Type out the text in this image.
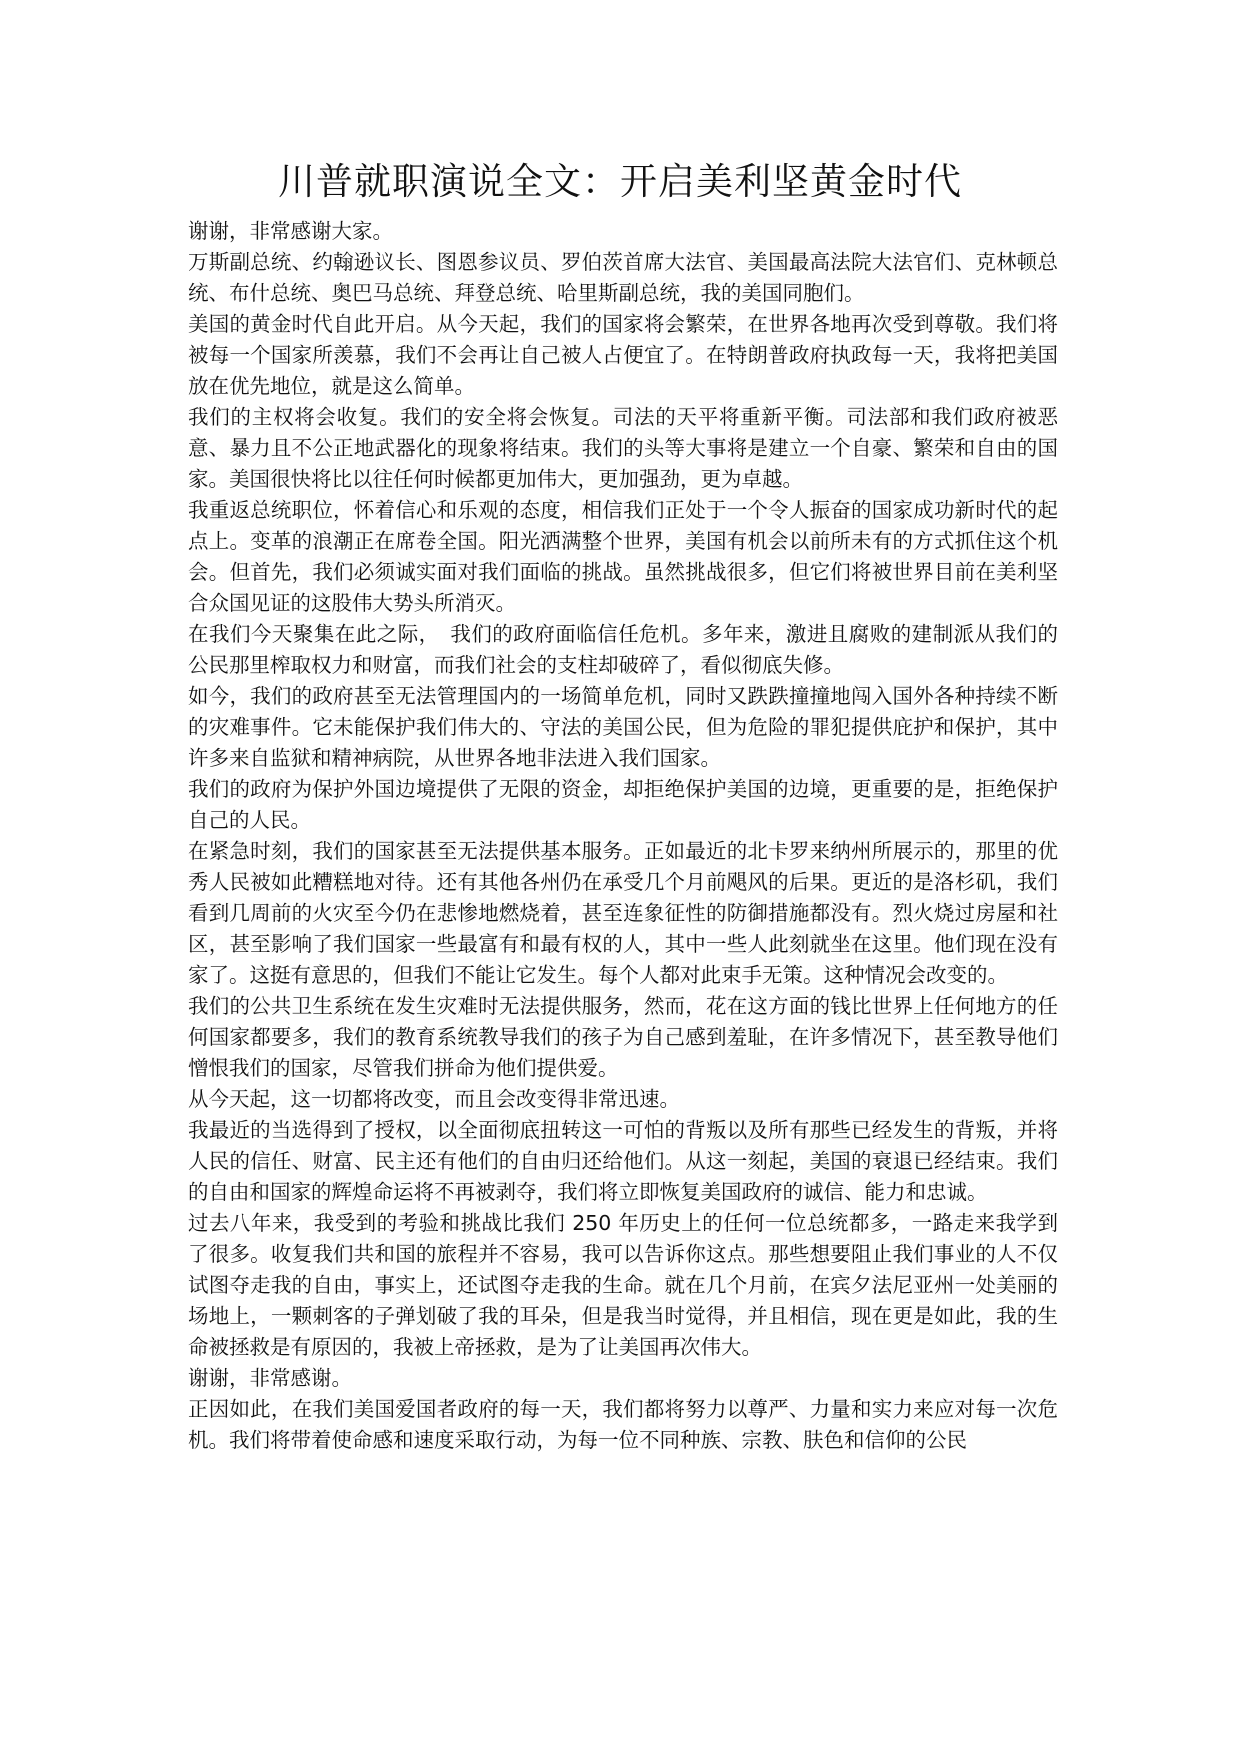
川普就职演说全文：开启美利坚黄金时代

谢谢，非常感谢大家。

万斯副总统、约翰逊议长、图恩参议员、罗伯茨首席大法官、美国最高法院大法官们、克林顿总统、布什总统、奥巴马总统、拜登总统、哈里斯副总统，我的美国同胞们。

美国的黄金时代自此开启。从今天起，我们的国家将会繁荣，在世界各地再次受到尊敬。我们将被每一个国家所羡慕，我们不会再让自己被人占便宜了。在特朗普政府执政每一天，我将把美国放在优先地位，就是这么简单。

我们的主权将会收复。我们的安全将会恢复。司法的天平将重新平衡。司法部和我们政府被恶意、暴力且不公正地武器化的现象将结束。我们的头等大事将是建立一个自豪、繁荣和自由的国家。美国很快将比以往任何时候都更加伟大，更加强劲，更为卓越。

我重返总统职位，怀着信心和乐观的态度，相信我们正处于一个令人振奋的国家成功新时代的起点上。变革的浪潮正在席卷全国。阳光洒满整个世界，美国有机会以前所未有的方式抓住这个机会。但首先，我们必须诚实面对我们面临的挑战。虽然挑战很多，但它们将被世界目前在美利坚合众国见证的这股伟大势头所消灭。

在我们今天聚集在此之际，　我们的政府面临信任危机。多年来，激进且腐败的建制派从我们的公民那里榨取权力和财富，而我们社会的支柱却破碎了，看似彻底失修。

如今，我们的政府甚至无法管理国内的一场简单危机，同时又跌跌撞撞地闯入国外各种持续不断的灾难事件。它未能保护我们伟大的、守法的美国公民，但为危险的罪犯提供庇护和保护，其中许多来自监狱和精神病院，从世界各地非法进入我们国家。

我们的政府为保护外国边境提供了无限的资金，却拒绝保护美国的边境，更重要的是，拒绝保护自己的人民。

在紧急时刻，我们的国家甚至无法提供基本服务。正如最近的北卡罗来纳州所展示的，那里的优秀人民被如此糟糕地对待。还有其他各州仍在承受几个月前飓风的后果。更近的是洛杉矶，我们看到几周前的火灾至今仍在悲惨地燃烧着，甚至连象征性的防御措施都没有。烈火烧过房屋和社区，甚至影响了我们国家一些最富有和最有权的人，其中一些人此刻就坐在这里。他们现在没有家了。这挺有意思的，但我们不能让它发生。每个人都对此束手无策。这种情况会改变的。

我们的公共卫生系统在发生灾难时无法提供服务，然而，花在这方面的钱比世界上任何地方的任何国家都要多，我们的教育系统教导我们的孩子为自己感到羞耻，在许多情况下，甚至教导他们憎恨我们的国家，尽管我们拼命为他们提供爱。

从今天起，这一切都将改变，而且会改变得非常迅速。

我最近的当选得到了授权，以全面彻底扭转这一可怕的背叛以及所有那些已经发生的背叛，并将人民的信任、财富、民主还有他们的自由归还给他们。从这一刻起，美国的衰退已经结束。我们的自由和国家的辉煌命运将不再被剥夺，我们将立即恢复美国政府的诚信、能力和忠诚。

过去八年来，我受到的考验和挑战比我们 250 年历史上的任何一位总统都多，一路走来我学到了很多。收复我们共和国的旅程并不容易，我可以告诉你这点。那些想要阻止我们事业的人不仅试图夺走我的自由，事实上，还试图夺走我的生命。就在几个月前，在宾夕法尼亚州一处美丽的场地上，一颗刺客的子弹划破了我的耳朵，但是我当时觉得，并且相信，现在更是如此，我的生命被拯救是有原因的，我被上帝拯救，是为了让美国再次伟大。

谢谢，非常感谢。

正因如此，在我们美国爱国者政府的每一天，我们都将努力以尊严、力量和实力来应对每一次危机。我们将带着使命感和速度采取行动，为每一位不同种族、宗教、肤色和信仰的公民
